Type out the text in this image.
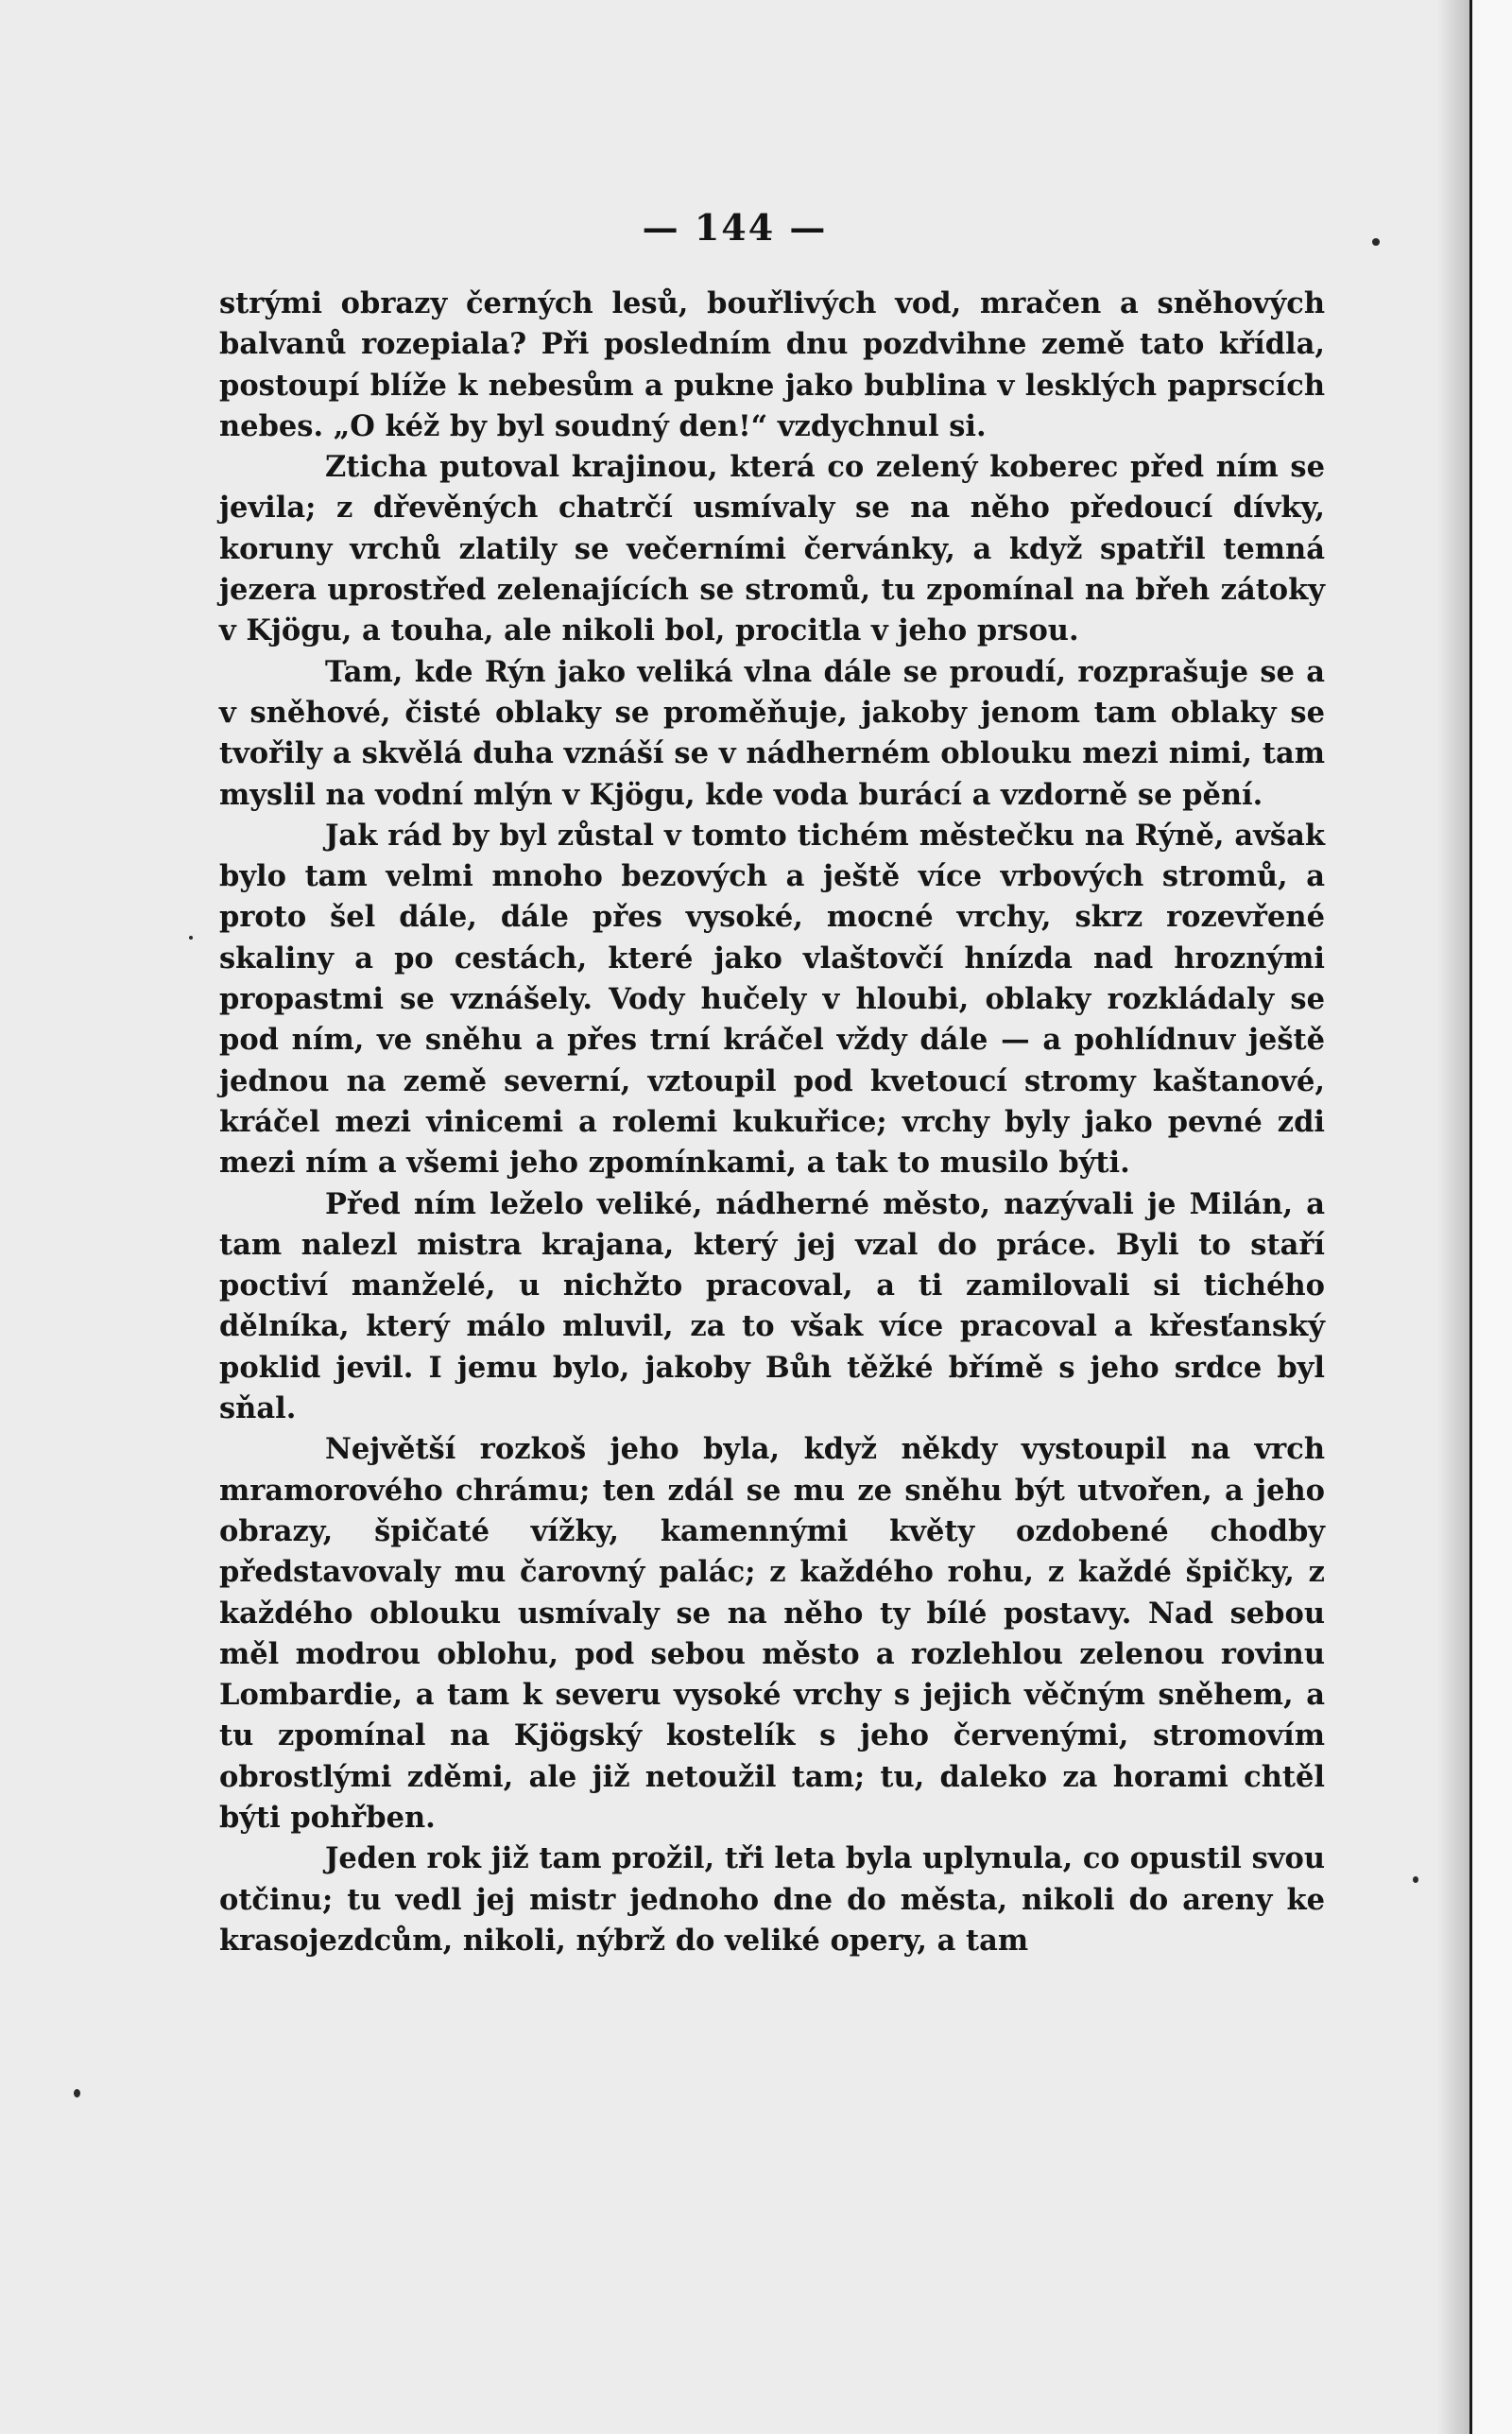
— 144 —

strými obrazy černých lesů, bouřlivých vod, mračen a sněhových balvanů rozepiala? Při posledním dnu pozdvihne země tato křídla, postoupí blíže k nebesům a pukne jako bublina v lesklých paprscích nebes. „O kéž by byl soudný den!“ vzdychnul si.

Zticha putoval krajinou, která co zelený koberec před ním se jevila; z dřevěných chatrčí usmívaly se na něho předoucí dívky, koruny vrchů zlatily se večerními červánky, a když spatřil temná jezera uprostřed zelenajících se stromů, tu zpomínal na břeh zátoky v Kjögu, a touha, ale nikoli bol, procitla v jeho prsou.

Tam, kde Rýn jako veliká vlna dále se proudí, rozprašuje se a v sněhové, čisté oblaky se proměňuje, jakoby jenom tam oblaky se tvořily a skvělá duha vznáší se v nádherném oblouku mezi nimi, tam myslil na vodní mlýn v Kjögu, kde voda burácí a vzdorně se pění.

Jak rád by byl zůstal v tomto tichém městečku na Rýně, avšak bylo tam velmi mnoho bezových a ještě více vrbových stromů, a proto šel dále, dále přes vysoké, mocné vrchy, skrz rozevřené skaliny a po cestách, které jako vlaštovčí hnízda nad hroznými propastmi se vznášely. Vody hučely v hloubi, oblaky rozkládaly se pod ním, ve sněhu a přes trní kráčel vždy dále — a pohlídnuv ještě jednou na země severní, vztoupil pod kvetoucí stromy kaštanové, kráčel mezi vinicemi a rolemi kukuřice; vrchy byly jako pevné zdi mezi ním a všemi jeho zpomínkami, a tak to musilo býti.

Před ním leželo veliké, nádherné město, nazývali je Milán, a tam nalezl mistra krajana, který jej vzal do práce. Byli to staří poctiví manželé, u nichžto pracoval, a ti zamilovali si tichého dělníka, který málo mluvil, za to však více pracoval a křesťanský poklid jevil. I jemu bylo, jakoby Bůh těžké břímě s jeho srdce byl sňal.

Největší rozkoš jeho byla, když někdy vystoupil na vrch mramorového chrámu; ten zdál se mu ze sněhu být utvořen, a jeho obrazy, špičaté vížky, kamennými květy ozdobené chodby představovaly mu čarovný palác; z každého rohu, z každé špičky, z každého oblouku usmívaly se na něho ty bílé postavy. Nad sebou měl modrou oblohu, pod sebou město a rozlehlou zelenou rovinu Lombardie, a tam k severu vysoké vrchy s jejich věčným sněhem, a tu zpomínal na Kjögský kostelík s jeho červenými, stromovím obrostlými zděmi, ale již netoužil tam; tu, daleko za horami chtěl býti pohřben.

Jeden rok již tam prožil, tři leta byla uplynula, co opustil svou otčinu; tu vedl jej mistr jednoho dne do města, nikoli do areny ke krasojezdcům, nikoli, nýbrž do veliké opery, a tam
